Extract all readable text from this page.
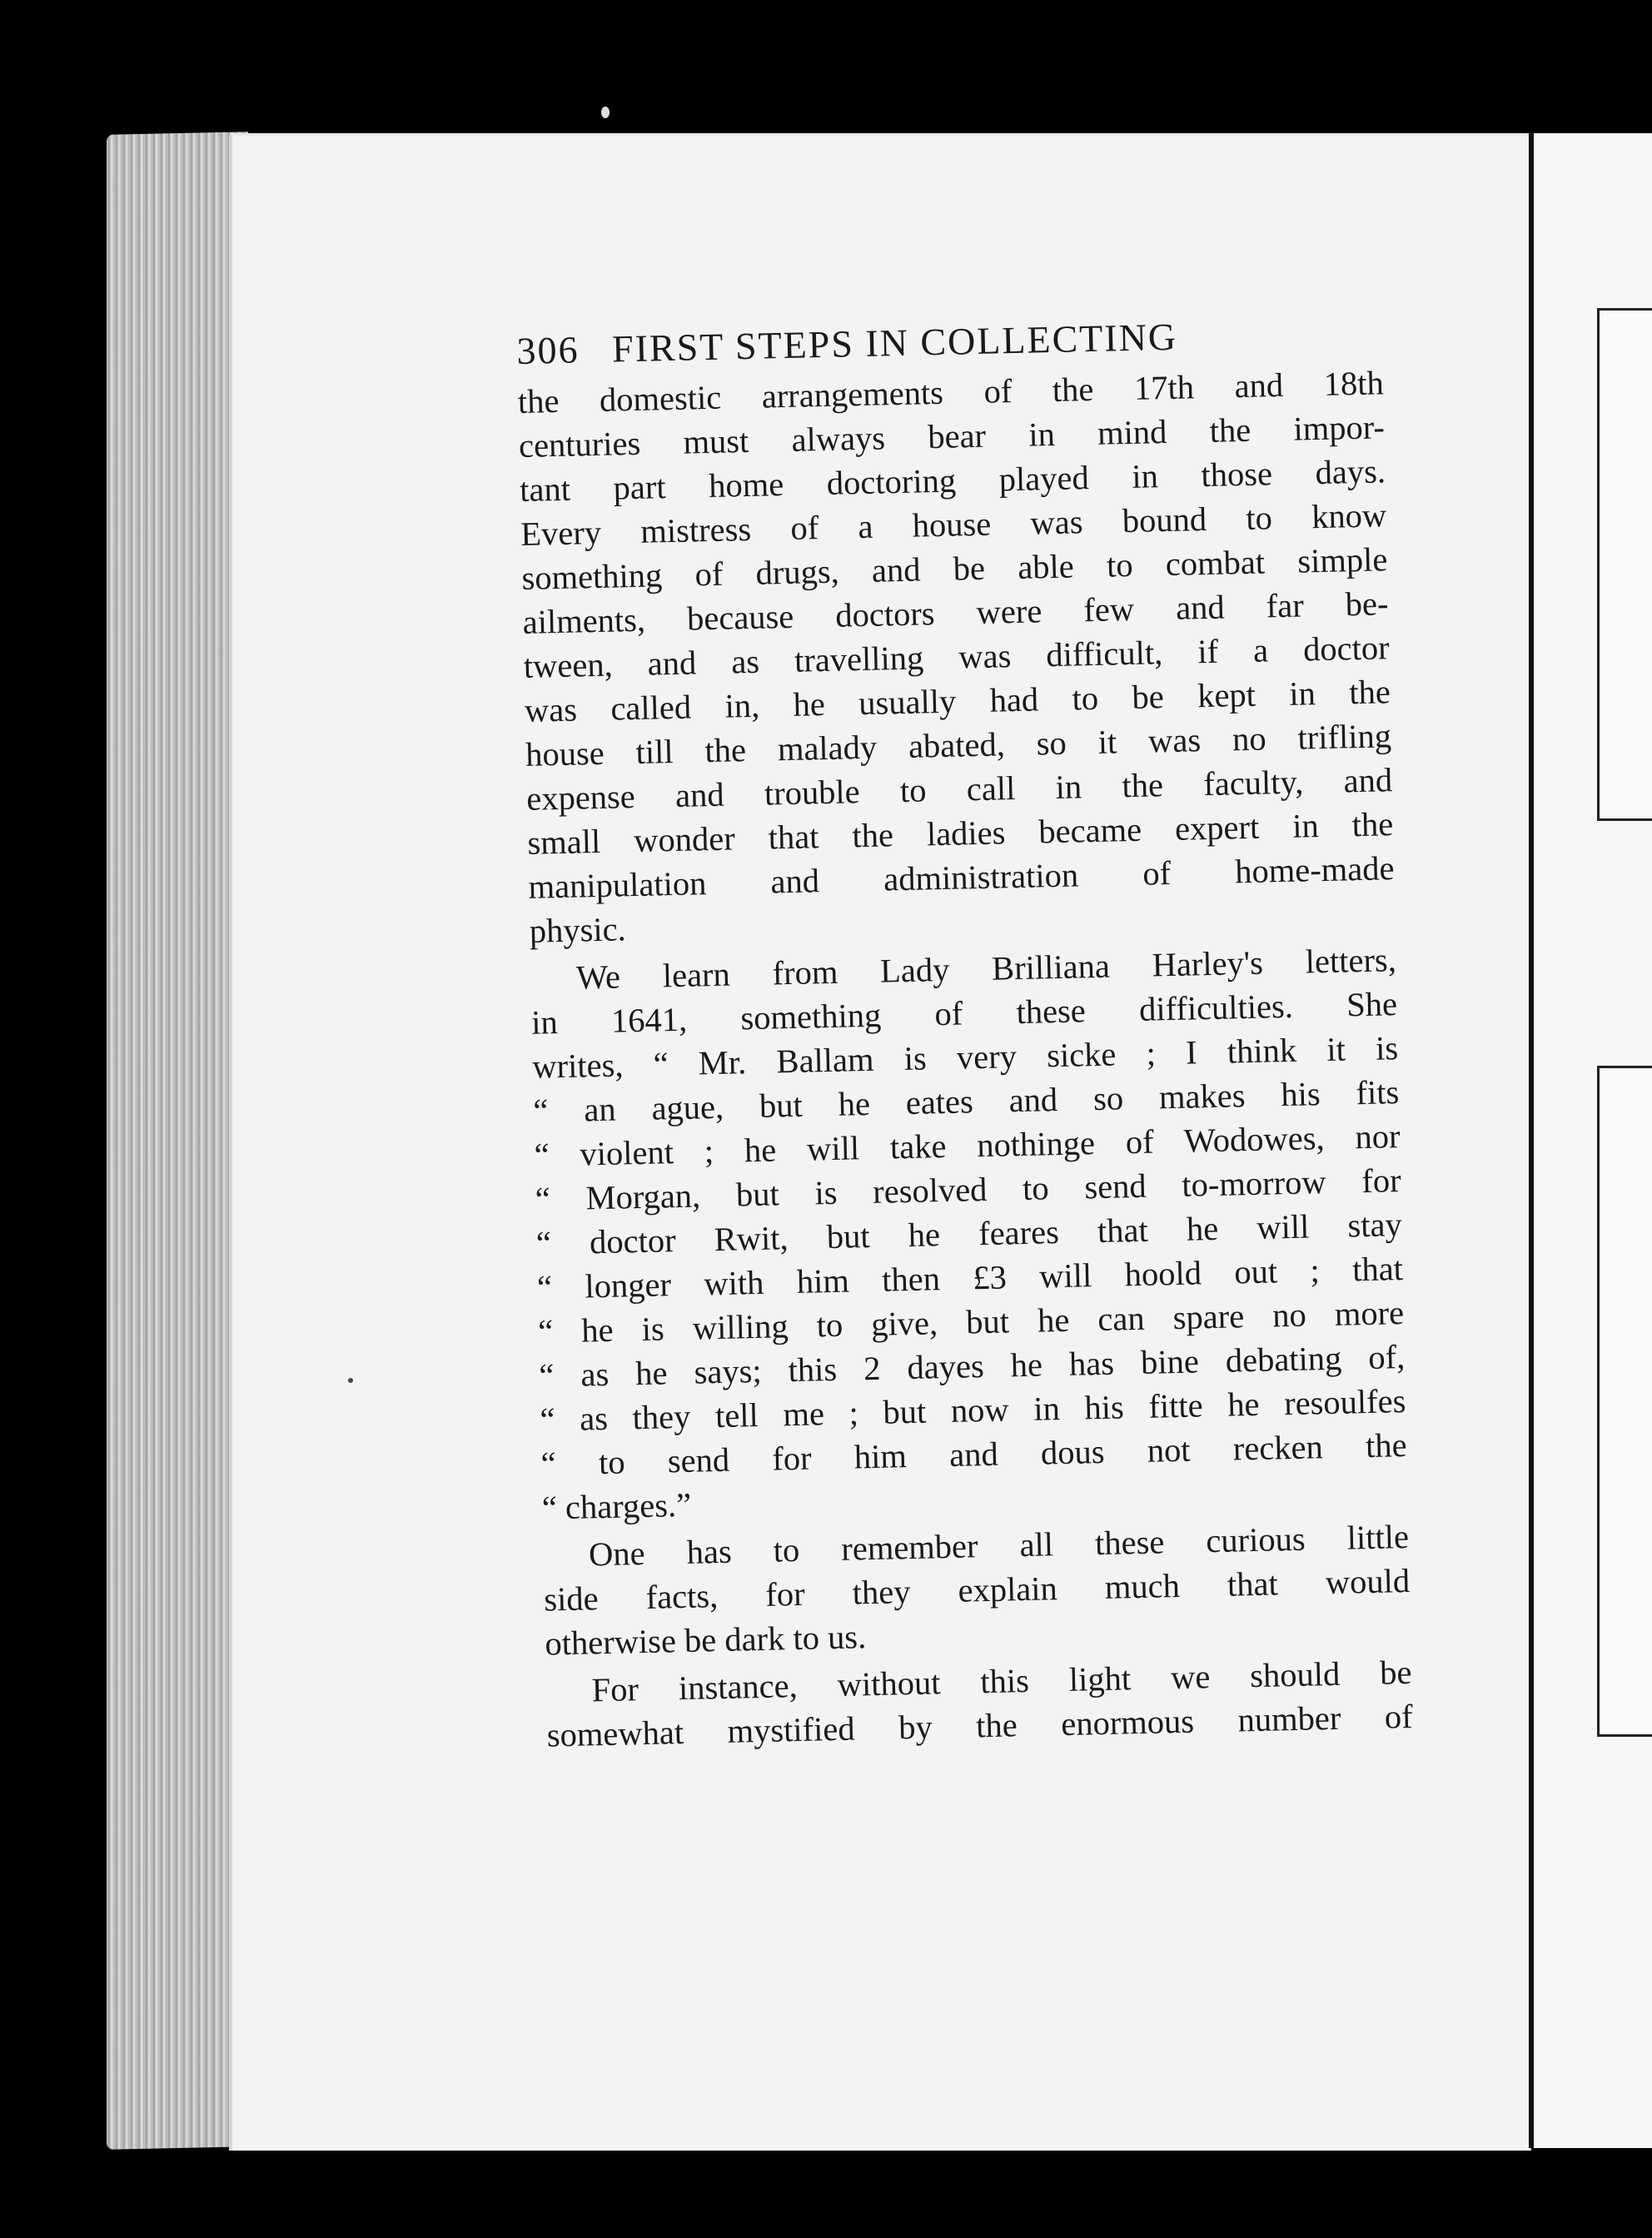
306 FIRST STEPS IN COLLECTING
the domestic arrangements of the 17th and 18th
centuries must always bear in mind the impor-
tant part home doctoring played in those days.
Every mistress of a house was bound to know
something of drugs, and be able to combat simple
ailments, because doctors were few and far be-
tween, and as travelling was difficult, if a doctor
was called in, he usually had to be kept in the
house till the malady abated, so it was no trifling
expense and trouble to call in the faculty, and
small wonder that the ladies became expert in the
manipulation and administration of home-made
physic.
We learn from Lady Brilliana Harley's letters,
in 1641, something of these difficulties. She
writes, “ Mr. Ballam is very sicke ; I think it is
“ an ague, but he eates and so makes his fits
“ violent ; he will take nothinge of Wodowes, nor
“ Morgan, but is resolved to send to-morrow for
“ doctor Rwit, but he feares that he will stay
“ longer with him then £3 will hoold out ; that
“ he is willing to give, but he can spare no more
“ as he says; this 2 dayes he has bine debating of,
“ as they tell me ; but now in his fitte he resoulfes
“ to send for him and dous not recken the
“ charges.”
One has to remember all these curious little
side facts, for they explain much that would
otherwise be dark to us.
For instance, without this light we should be
somewhat mystified by the enormous number of
